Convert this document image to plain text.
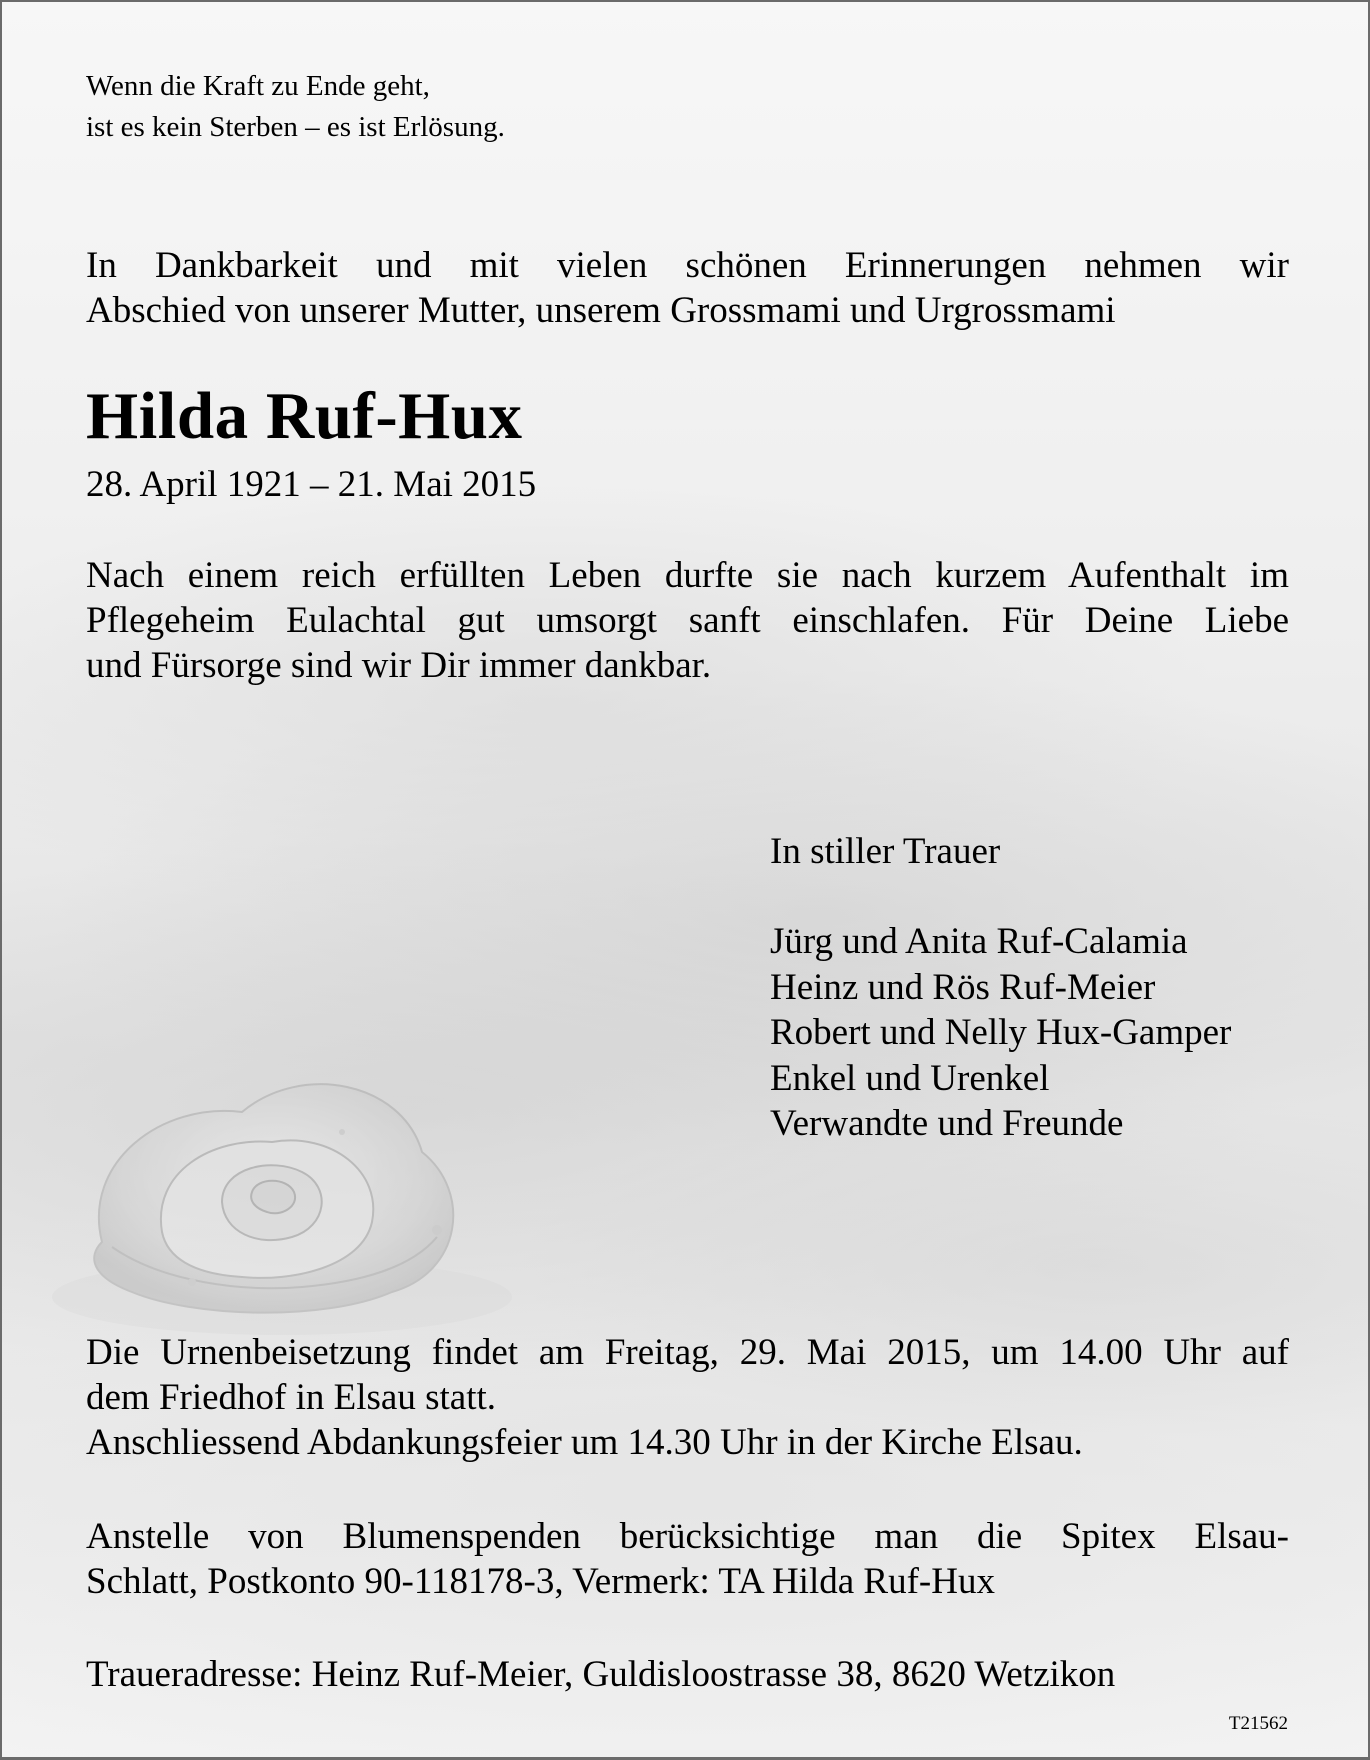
Wenn die Kraft zu Ende geht,
ist es kein Sterben – es ist Erlösung.

In Dankbarkeit und mit vielen schönen Erinnerungen nehmen wir
Abschied von unserer Mutter, unserem Grossmami und Urgrossmami

Hilda Ruf-Hux

28. April 1921 – 21. Mai 2015

Nach einem reich erfüllten Leben durfte sie nach kurzem Aufenthalt im
Pflegeheim Eulachtal gut umsorgt sanft einschlafen. Für Deine Liebe
und Fürsorge sind wir Dir immer dankbar.

In stiller Trauer

Jürg und Anita Ruf-Calamia
Heinz und Rös Ruf-Meier
Robert und Nelly Hux-Gamper
Enkel und Urenkel
Verwandte und Freunde

Die Urnenbeisetzung findet am Freitag, 29. Mai 2015, um 14.00 Uhr auf
dem Friedhof in Elsau statt.
Anschliessend Abdankungsfeier um 14.30 Uhr in der Kirche Elsau.

Anstelle von Blumenspenden berücksichtige man die Spitex Elsau-
Schlatt, Postkonto 90-118178-3, Vermerk: TA Hilda Ruf-Hux

Traueradresse: Heinz Ruf-Meier, Guldisloostrasse 38, 8620 Wetzikon

T21562
